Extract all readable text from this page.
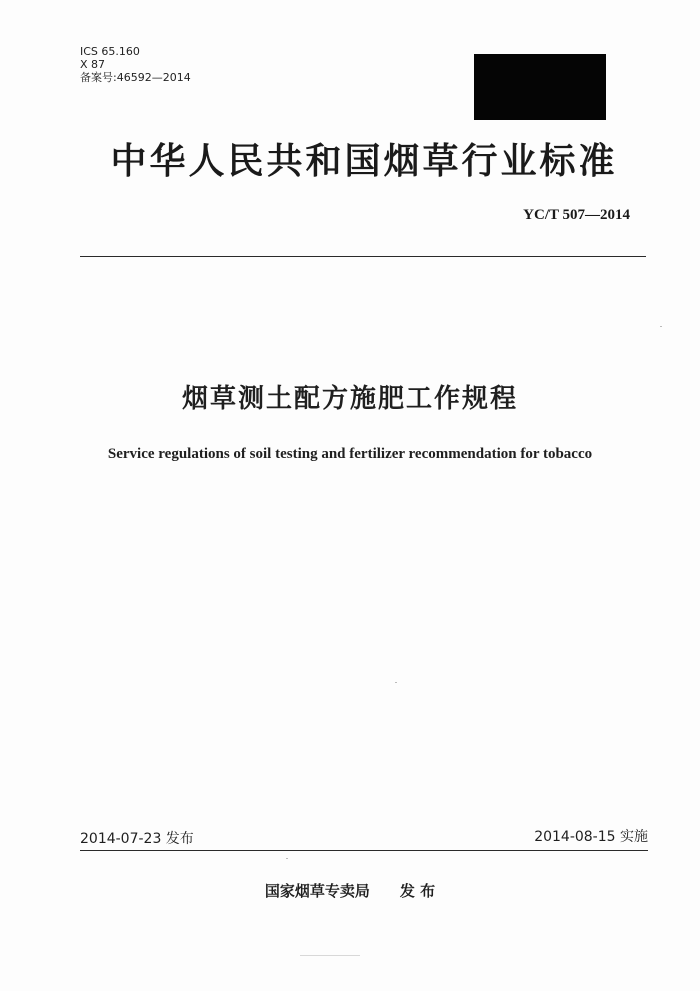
ICS 65.160
X 87
备案号:46592—2014
中华人民共和国烟草行业标准
YC/T 507—2014
烟草测土配方施肥工作规程
Service regulations of soil testing and fertilizer recommendation for tobacco
2014-07-23 发布	2014-08-15 实施
国家烟草专卖局 发 布
